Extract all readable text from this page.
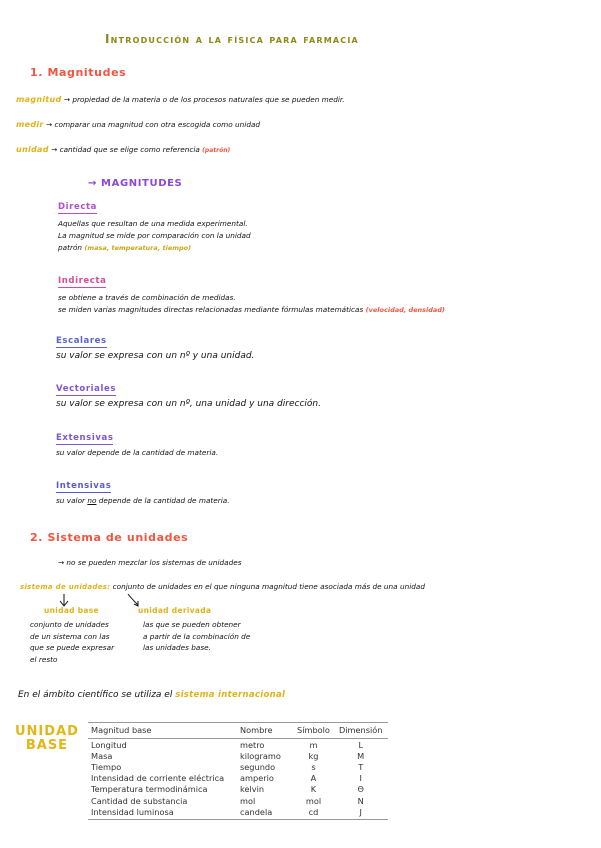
Introducción a la física para farmacia
1. Magnitudes
magnitud → propiedad de la materia o de los procesos naturales que se pueden medir.
medir → comparar una magnitud con otra escogida como unidad
unidad → cantidad que se elige como referencia (patrón)
→ MAGNITUDES
Directa
Aquellas que resultan de una medida experimental.
La magnitud se mide por comparación con la unidad
patrón (masa, temperatura, tiempo)
Indirecta
se obtiene a través de combinación de medidas.
se miden varias magnitudes directas relacionadas mediante fórmulas matemáticas (velocidad, densidad)
Escalares
su valor se expresa con un nº y una unidad.
Vectoriales
su valor se expresa con un nº, una unidad y una dirección.
Extensivas
su valor depende de la cantidad de materia.
Intensivas
su valor no depende de la cantidad de materia.
2. Sistema de unidades
→ no se pueden mezclar los sistemas de unidades
sistema de unidades: conjunto de unidades en el que ninguna magnitud tiene asociada más de una unidad
unidad base
conjunto de unidades
de un sistema con las
que se puede expresar
el resto
unidad derivada
las que se pueden obtener
a partir de la combinación de
las unidades base.
En el ámbito científico se utiliza el sistema internacional
UNIDAD
BASE
Magnitud base	Nombre	Símbolo	Dimensión
Longitud	metro	m	L
Masa	kilogramo	kg	M
Tiempo	segundo	s	T
Intensidad de corriente eléctrica	amperio	A	I
Temperatura termodinámica	kelvin	K	Θ
Cantidad de substancia	mol	mol	N
Intensidad luminosa	candela	cd	J
